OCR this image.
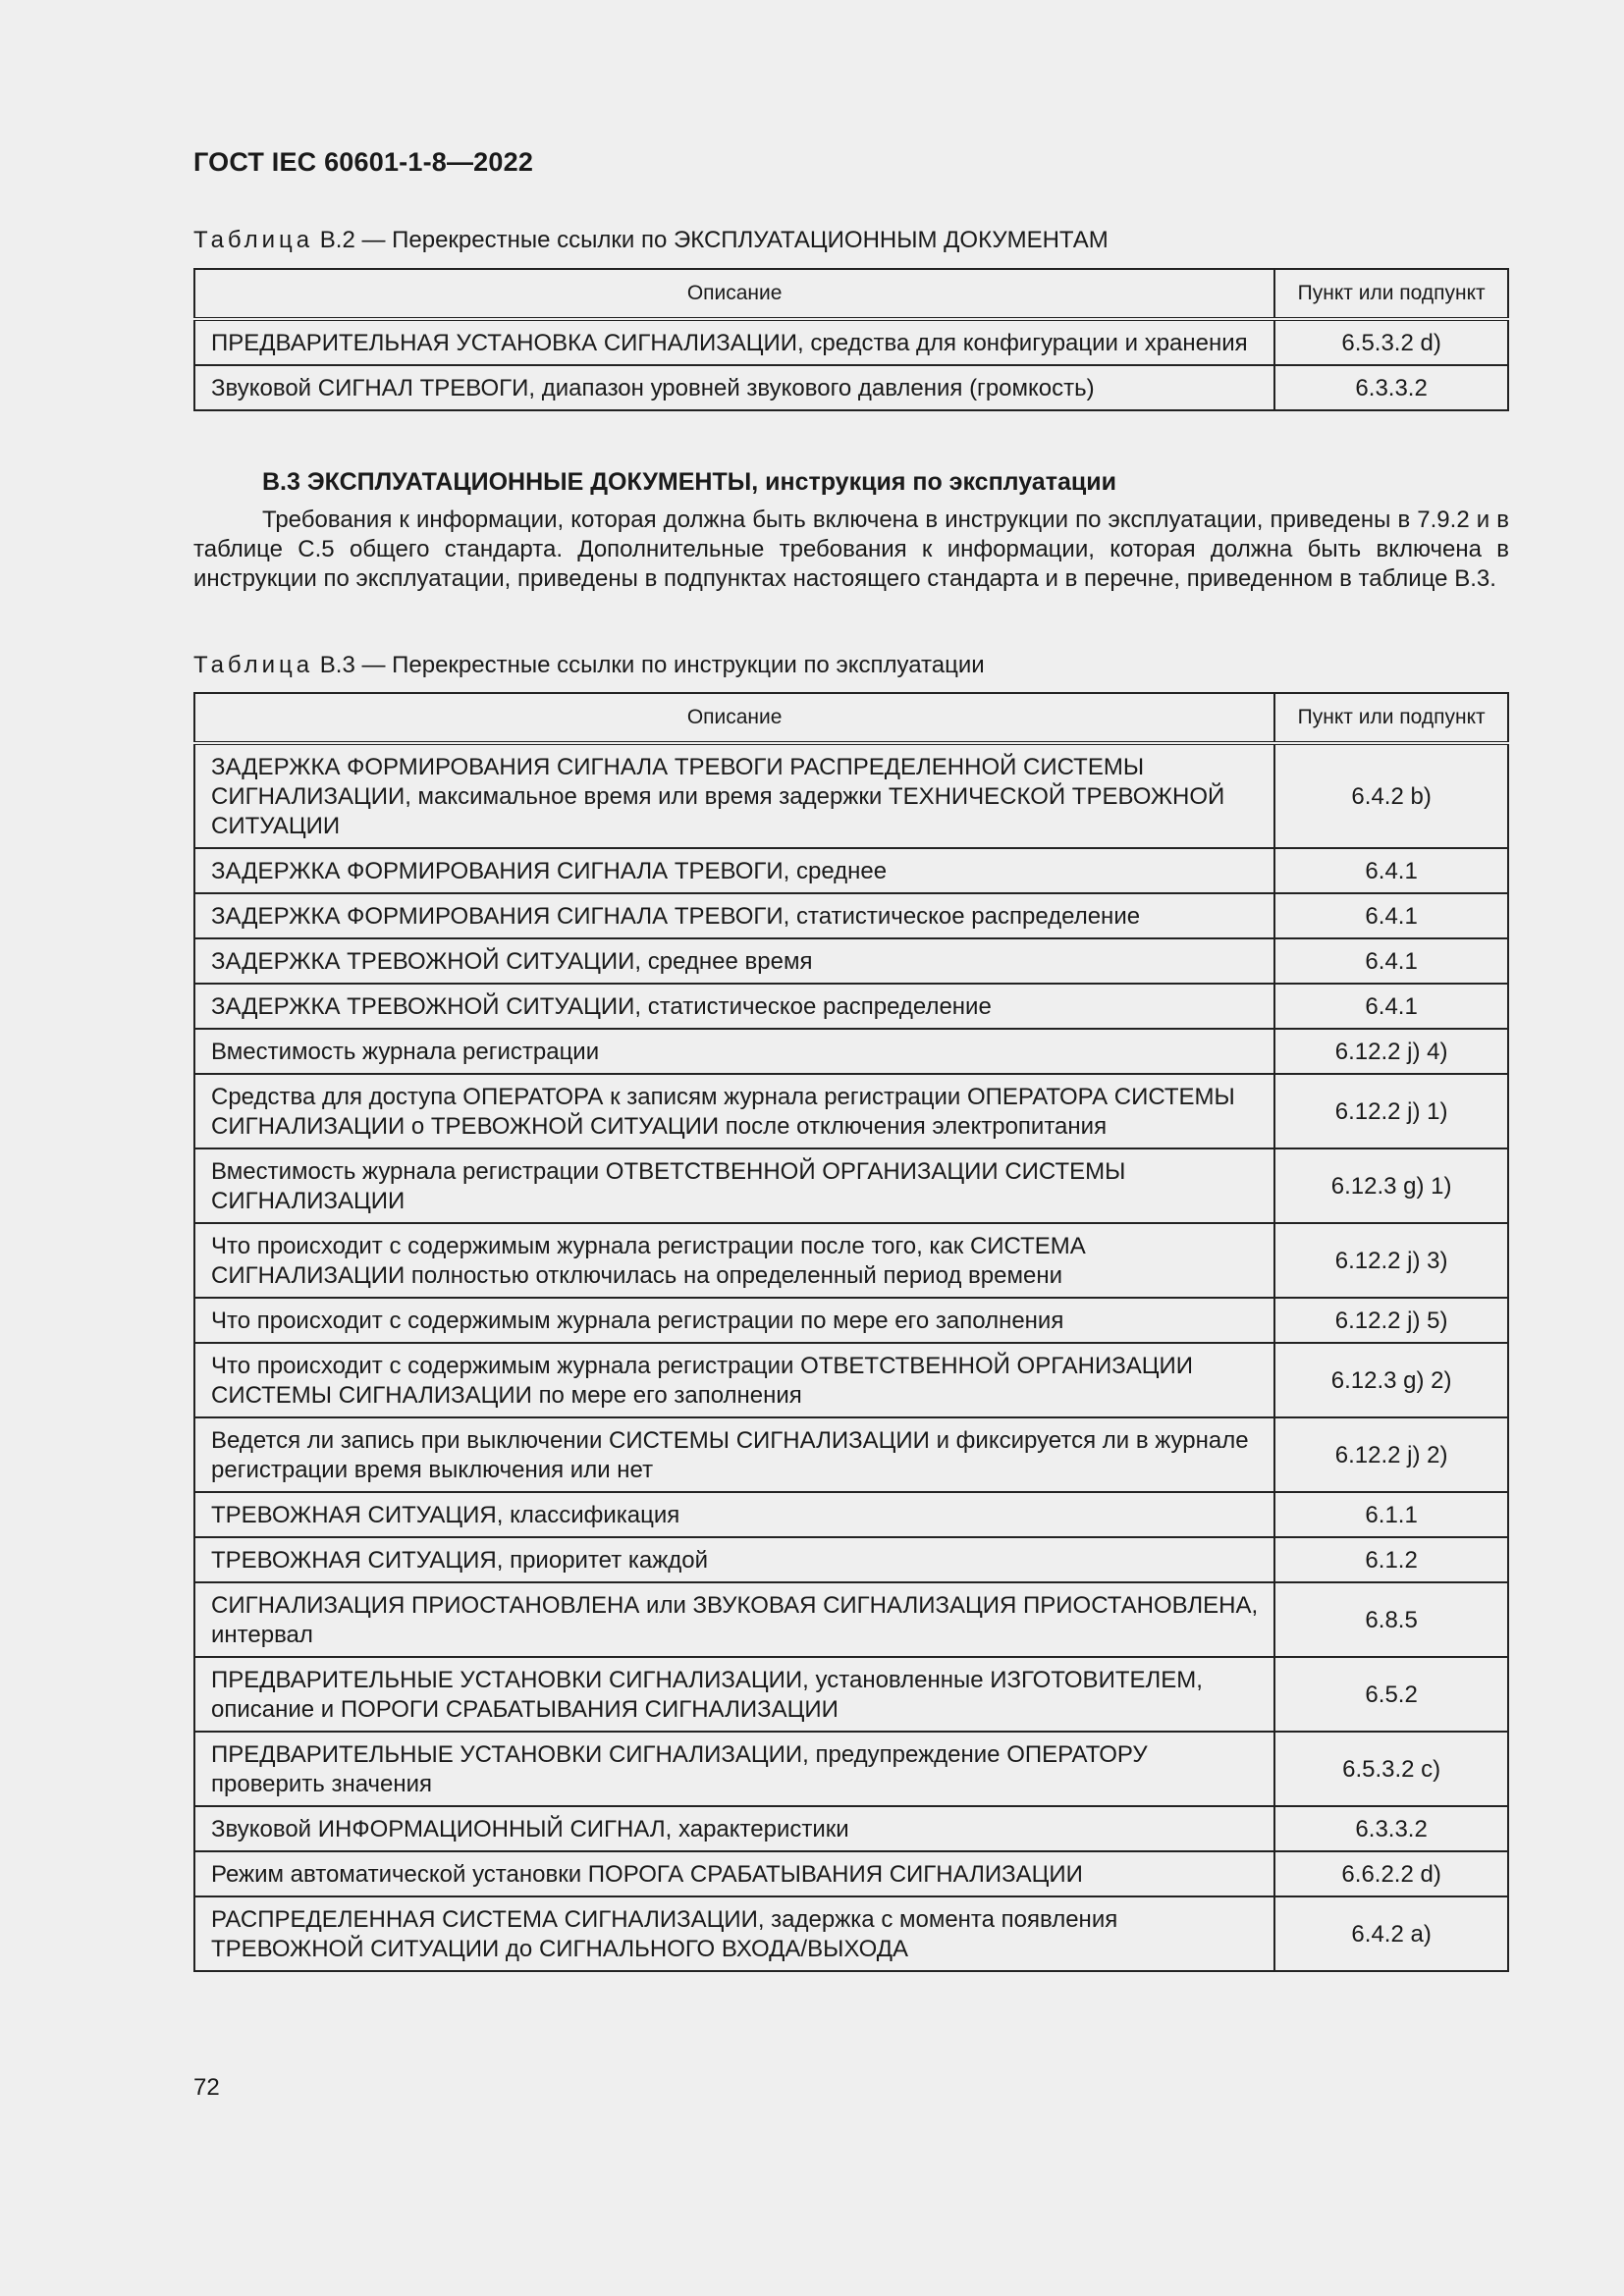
ГОСТ IEC 60601-1-8—2022
Таблица B.2 — Перекрестные ссылки по ЭКСПЛУАТАЦИОННЫМ ДОКУМЕНТАМ
Описание	Пункт или подпункт
ПРЕДВАРИТЕЛЬНАЯ УСТАНОВКА СИГНАЛИЗАЦИИ, средства для конфигурации и хранения	6.5.3.2 d)
Звуковой СИГНАЛ ТРЕВОГИ, диапазон уровней звукового давления (громкость)	6.3.3.2
B.3 ЭКСПЛУАТАЦИОННЫЕ ДОКУМЕНТЫ, инструкция по эксплуатации
Требования к информации, которая должна быть включена в инструкции по эксплуатации, приведены в 7.9.2 и в таблице C.5 общего стандарта. Дополнительные требования к информации, которая должна быть включена в инструкции по эксплуатации, приведены в подпунктах настоящего стандарта и в перечне, приведенном в таблице B.3.
Таблица B.3 — Перекрестные ссылки по инструкции по эксплуатации
Описание	Пункт или подпункт
ЗАДЕРЖКА ФОРМИРОВАНИЯ СИГНАЛА ТРЕВОГИ РАСПРЕДЕЛЕННОЙ СИСТЕМЫ СИГНАЛИЗАЦИИ, максимальное время или время задержки ТЕХНИЧЕСКОЙ ТРЕВОЖНОЙ СИТУАЦИИ	6.4.2 b)
ЗАДЕРЖКА ФОРМИРОВАНИЯ СИГНАЛА ТРЕВОГИ, среднее	6.4.1
ЗАДЕРЖКА ФОРМИРОВАНИЯ СИГНАЛА ТРЕВОГИ, статистическое распределение	6.4.1
ЗАДЕРЖКА ТРЕВОЖНОЙ СИТУАЦИИ, среднее время	6.4.1
ЗАДЕРЖКА ТРЕВОЖНОЙ СИТУАЦИИ, статистическое распределение	6.4.1
Вместимость журнала регистрации	6.12.2 j) 4)
Средства для доступа ОПЕРАТОРА к записям журнала регистрации ОПЕРАТОРА СИСТЕМЫ СИГНАЛИЗАЦИИ о ТРЕВОЖНОЙ СИТУАЦИИ после отключения электропитания	6.12.2 j) 1)
Вместимость журнала регистрации ОТВЕТСТВЕННОЙ ОРГАНИЗАЦИИ СИСТЕМЫ СИГНАЛИЗАЦИИ	6.12.3 g) 1)
Что происходит с содержимым журнала регистрации после того, как СИСТЕМА СИГНАЛИЗАЦИИ полностью отключилась на определенный период времени	6.12.2 j) 3)
Что происходит с содержимым журнала регистрации по мере его заполнения	6.12.2 j) 5)
Что происходит с содержимым журнала регистрации ОТВЕТСТВЕННОЙ ОРГАНИЗАЦИИ СИСТЕМЫ СИГНАЛИЗАЦИИ по мере его заполнения	6.12.3 g) 2)
Ведется ли запись при выключении СИСТЕМЫ СИГНАЛИЗАЦИИ и фиксируется ли в журнале регистрации время выключения или нет	6.12.2 j) 2)
ТРЕВОЖНАЯ СИТУАЦИЯ, классификация	6.1.1
ТРЕВОЖНАЯ СИТУАЦИЯ, приоритет каждой	6.1.2
СИГНАЛИЗАЦИЯ ПРИОСТАНОВЛЕНА или ЗВУКОВАЯ СИГНАЛИЗАЦИЯ ПРИОСТАНОВЛЕНА, интервал	6.8.5
ПРЕДВАРИТЕЛЬНЫЕ УСТАНОВКИ СИГНАЛИЗАЦИИ, установленные ИЗГОТОВИТЕЛЕМ, описание и ПОРОГИ СРАБАТЫВАНИЯ СИГНАЛИЗАЦИИ	6.5.2
ПРЕДВАРИТЕЛЬНЫЕ УСТАНОВКИ СИГНАЛИЗАЦИИ, предупреждение ОПЕРАТОРУ проверить значения	6.5.3.2 c)
Звуковой ИНФОРМАЦИОННЫЙ СИГНАЛ, характеристики	6.3.3.2
Режим автоматической установки ПОРОГА СРАБАТЫВАНИЯ СИГНАЛИЗАЦИИ	6.6.2.2 d)
РАСПРЕДЕЛЕННАЯ СИСТЕМА СИГНАЛИЗАЦИИ, задержка с момента появления ТРЕВОЖНОЙ СИТУАЦИИ до СИГНАЛЬНОГО ВХОДА/ВЫХОДА	6.4.2 a)
72
